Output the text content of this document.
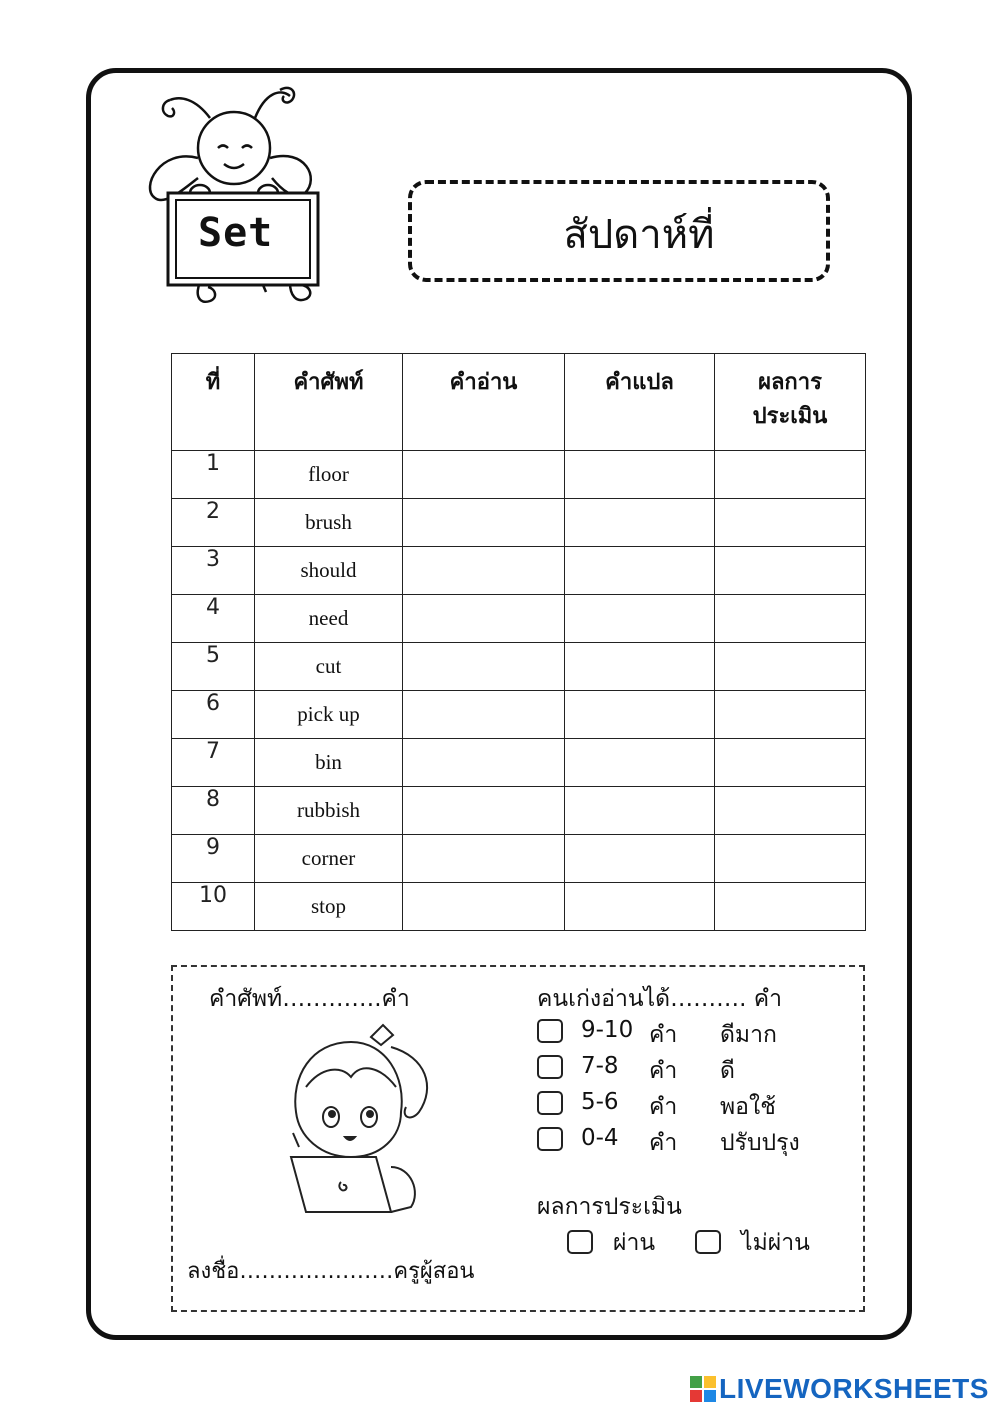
Set	สัปดาห์ที่
ที่	คำศัพท์	คำอ่าน	คำแปล	ผลการ
ประเมิน
1	floor			
2	brush			
3	should			
4	need			
5	cut			
6	pick up			
7	bin			
8	rubbish			
9	corner			
10	stop			
คำศัพท์………….คำ	คนเก่งอ่านได้………. คำ
9-10 คำ ดีมาก
7-8 คำ ดี
5-6 คำ พอใช้
0-4 คำ ปรับปรุง
ผลการประเมิน
ผ่าน	ไม่ผ่าน
ลงชื่อ…………………ครูผู้สอน
LIVEWORKSHEETS
